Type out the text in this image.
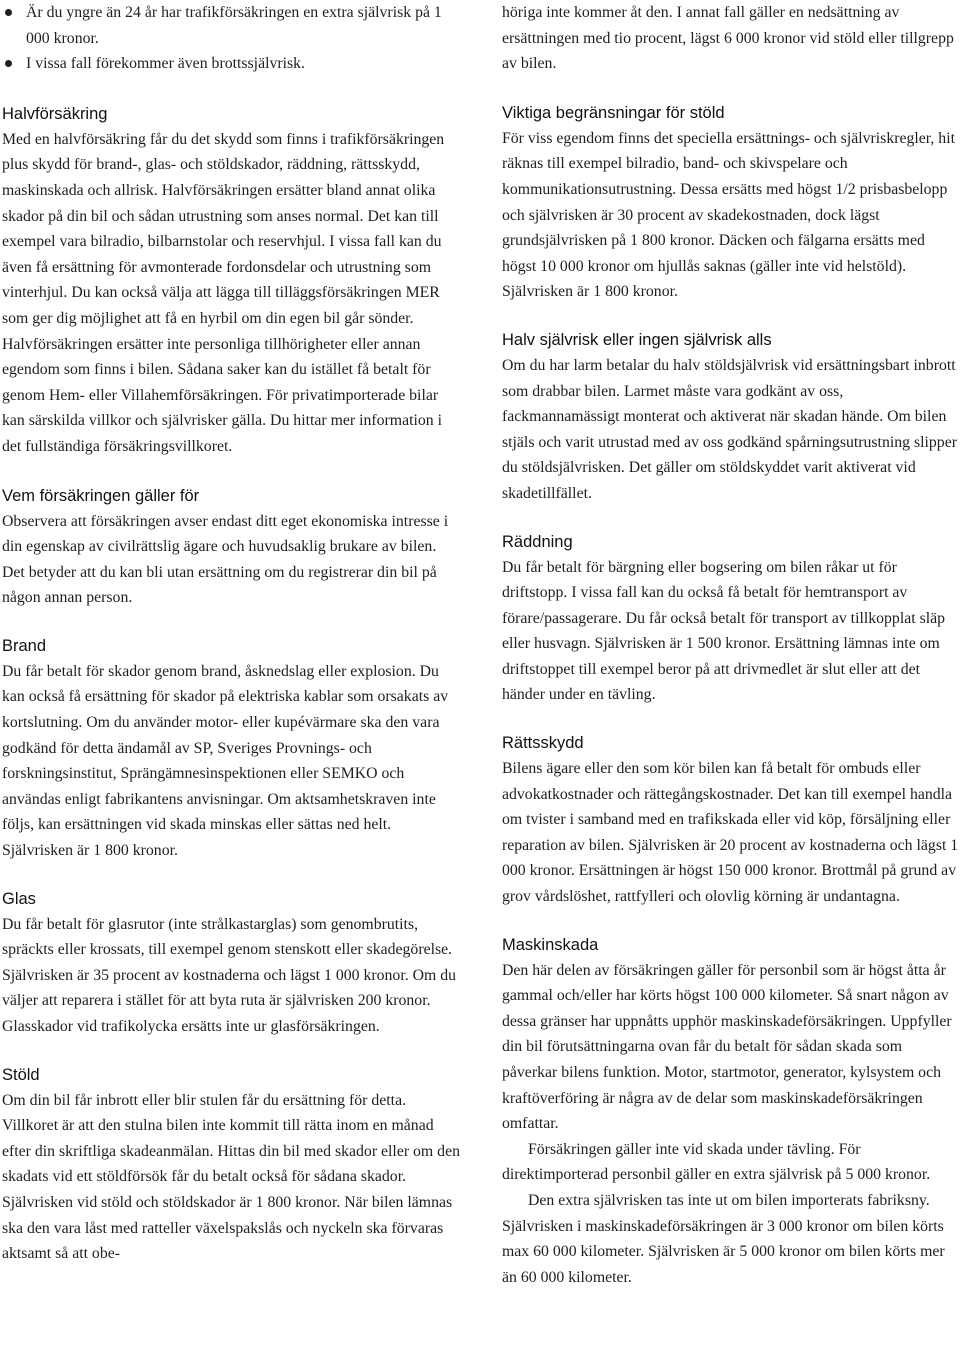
Är du yngre än 24 år har trafikförsäkringen en extra självrisk på 1 000 kronor.
I vissa fall förekommer även brottssjälvrisk.
Halvförsäkring

Med en halvförsäkring får du det skydd som finns i trafikförsäkringen plus skydd för brand-, glas- och stöldskador, räddning, rättsskydd, maskinskada och allrisk. Halvförsäkringen ersätter bland annat olika skador på din bil och sådan utrustning som anses normal. Det kan till exempel vara bilradio, bilbarnstolar och reservhjul. I vissa fall kan du även få ersättning för avmonterade fordonsdelar och utrustning som vinterhjul. Du kan också välja att lägga till tilläggsförsäkringen MER som ger dig möjlighet att få en hyrbil om din egen bil går sönder. Halvförsäkringen ersätter inte personliga tillhörigheter eller annan egendom som finns i bilen. Sådana saker kan du istället få betalt för genom Hem- eller Villahemförsäkringen. För privatimporterade bilar kan särskilda villkor och självrisker gälla. Du hittar mer information i det fullständiga försäkringsvillkoret.

Vem försäkringen gäller för

Observera att försäkringen avser endast ditt eget ekonomiska intresse i din egenskap av civilrättslig ägare och huvudsaklig brukare av bilen. Det betyder att du kan bli utan ersättning om du registrerar din bil på någon annan person.

Brand

Du får betalt för skador genom brand, åsknedslag eller explosion. Du kan också få ersättning för skador på elektriska kablar som orsakats av kortslutning. Om du använder motor- eller kupévärmare ska den vara godkänd för detta ändamål av SP, Sveriges Provnings- och forskningsinstitut, Sprängämnesinspektionen eller SEMKO och användas enligt fabrikantens anvisningar. Om aktsamhetskraven inte följs, kan ersättningen vid skada minskas eller sättas ned helt. Självrisken är 1 800 kronor.

Glas

Du får betalt för glasrutor (inte strålkastarglas) som genombrutits, spräckts eller krossats, till exempel genom stenskott eller skadegörelse. Självrisken är 35 procent av kostnaderna och lägst 1 000 kronor. Om du väljer att reparera i stället för att byta ruta är självrisken 200 kronor. Glasskador vid trafikolycka ersätts inte ur glasförsäkringen.

Stöld

Om din bil får inbrott eller blir stulen får du ersättning för detta. Villkoret är att den stulna bilen inte kommit till rätta inom en månad efter din skriftliga skadeanmälan. Hittas din bil med skador eller om den skadats vid ett stöldförsök får du betalt också för sådana skador. Självrisken vid stöld och stöldskador är 1 800 kronor. När bilen lämnas ska den vara låst med ratteller växelspakslås och nyckeln ska förvaras aktsamt så att obe-

höriga inte kommer åt den. I annat fall gäller en nedsättning av ersättningen med tio procent, lägst 6 000 kronor vid stöld eller tillgrepp av bilen.

Viktiga begränsningar för stöld

För viss egendom finns det speciella ersättnings- och självriskregler, hit räknas till exempel bilradio, band- och skivspelare och kommunikationsutrustning. Dessa ersätts med högst 1/2 prisbasbelopp och självrisken är 30 procent av skadekostnaden, dock lägst grundsjälvrisken på 1 800 kronor. Däcken och fälgarna ersätts med högst 10 000 kronor om hjullås saknas (gäller inte vid helstöld). Självrisken är 1 800 kronor.

Halv självrisk eller ingen självrisk alls

Om du har larm betalar du halv stöldsjälvrisk vid ersättningsbart inbrott som drabbar bilen. Larmet måste vara godkänt av oss, fackmannamässigt monterat och aktiverat när skadan hände. Om bilen stjäls och varit utrustad med av oss godkänd spårningsutrustning slipper du stöldsjälvrisken. Det gäller om stöldskyddet varit aktiverat vid skadetillfället.

Räddning

Du får betalt för bärgning eller bogsering om bilen råkar ut för driftstopp. I vissa fall kan du också få betalt för hemtransport av förare/passagerare. Du får också betalt för transport av tillkopplat släp eller husvagn. Självrisken är 1 500 kronor. Ersättning lämnas inte om driftstoppet till exempel beror på att drivmedlet är slut eller att det händer under en tävling.

Rättsskydd

Bilens ägare eller den som kör bilen kan få betalt för ombuds eller advokatkostnader och rättegångskostnader. Det kan till exempel handla om tvister i samband med en trafikskada eller vid köp, försäljning eller reparation av bilen. Självrisken är 20 procent av kostnaderna och lägst 1 000 kronor. Ersättningen är högst 150 000 kronor. Brottmål på grund av grov vårdslöshet, rattfylleri och olovlig körning är undantagna.

Maskinskada

Den här delen av försäkringen gäller för personbil som är högst åtta år gammal och/eller har körts högst 100 000 kilometer. Så snart någon av dessa gränser har uppnåtts upphör maskinskadeförsäkringen. Uppfyller din bil förutsättningarna ovan får du betalt för sådan skada som påverkar bilens funktion. Motor, startmotor, generator, kylsystem och kraftöverföring är några av de delar som maskinskadeförsäkringen omfattar.

Försäkringen gäller inte vid skada under tävling. För direktimporterad personbil gäller en extra självrisk på 5 000 kronor.

Den extra självrisken tas inte ut om bilen importerats fabriksny. Självrisken i maskinskadeförsäkringen är 3 000 kronor om bilen körts max 60 000 kilometer. Självrisken är 5 000 kronor om bilen körts mer än 60 000 kilometer.
